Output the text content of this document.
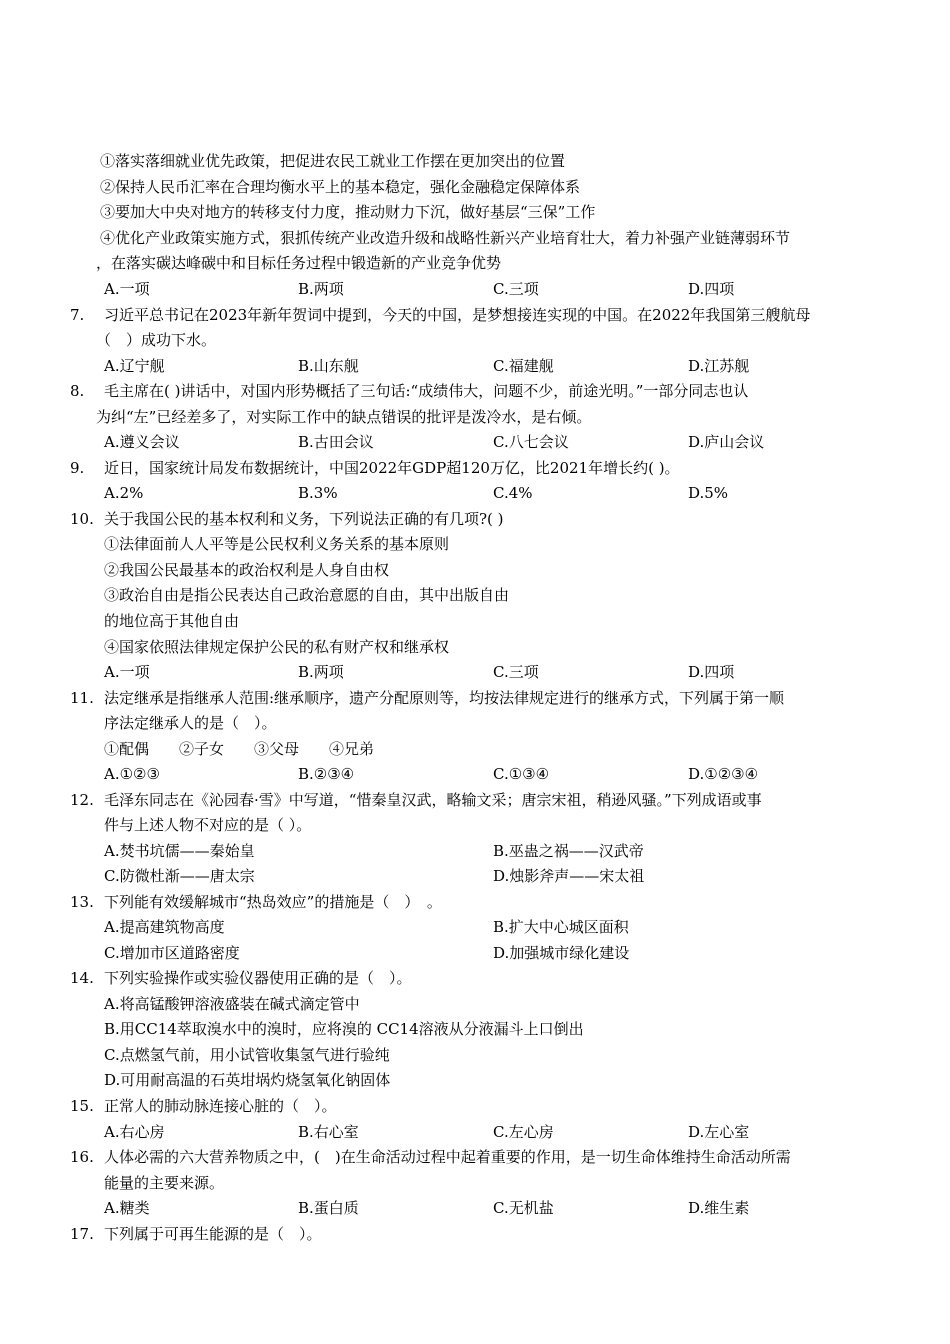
①落实落细就业优先政策，把促进农民工就业工作摆在更加突出的位置
②保持人民币汇率在合理均衡水平上的基本稳定，强化金融稳定保障体系
③要加大中央对地方的转移支付力度，推动财力下沉，做好基层“三保”工作
④优化产业政策实施方式，狠抓传统产业改造升级和战略性新兴产业培育壮大，着力补强产业链薄弱环节
，在落实碳达峰碳中和目标任务过程中锻造新的产业竞争优势
A.一项	B.两项	C.三项	D.四项
7. 习近平总书记在2023年新年贺词中提到，今天的中国，是梦想接连实现的中国。在2022年我国第三艘航母
（　）成功下水。
A.辽宁舰	B.山东舰	C.福建舰	D.江苏舰
8. 毛主席在( )讲话中，对国内形势概括了三句话:“成绩伟大，问题不少，前途光明。”一部分同志也认
为纠“左”已经差多了，对实际工作中的缺点错误的批评是泼冷水，是右倾。
A.遵义会议	B.古田会议	C.八七会议	D.庐山会议
9. 近日，国家统计局发布数据统计，中国2022年GDP超120万亿，比2021年增长约( )。
A.2%	B.3%	C.4%	D.5%
10. 关于我国公民的基本权利和义务，下列说法正确的有几项?( )
①法律面前人人平等是公民权利义务关系的基本原则
②我国公民最基本的政治权利是人身自由权
③政治自由是指公民表达自己政治意愿的自由，其中出版自由
的地位高于其他自由
④国家依照法律规定保护公民的私有财产权和继承权
A.一项	B.两项	C.三项	D.四项
11. 法定继承是指继承人范围:继承顺序，遗产分配原则等，均按法律规定进行的继承方式，下列属于第一顺
序法定继承人的是（　）。
①配偶　　②子女　　③父母　　④兄弟
A.①②③	B.②③④	C.①③④	D.①②③④
12. 毛泽东同志在《沁园春·雪》中写道，“惜秦皇汉武，略输文采；唐宗宋祖，稍逊风骚。”下列成语或事
件与上述人物不对应的是（ ）。
A.焚书坑儒——秦始皇	B.巫蛊之祸——汉武帝
C.防微杜渐——唐太宗	D.烛影斧声——宋太祖
13. 下列能有效缓解城市“热岛效应”的措施是（　）　。
A.提高建筑物高度	B.扩大中心城区面积
C.增加市区道路密度	D.加强城市绿化建设
14. 下列实验操作或实验仪器使用正确的是（　）。
A.将高锰酸钾溶液盛装在碱式滴定管中
B.用CC14萃取溴水中的溴时，应将溴的 CC14溶液从分液漏斗上口倒出
C.点燃氢气前，用小试管收集氢气进行验纯
D.可用耐高温的石英坩埚灼烧氢氧化钠固体
15. 正常人的肺动脉连接心脏的（　）。
A.右心房	B.右心室	C.左心房	D.左心室
16. 人体必需的六大营养物质之中，(　)在生命活动过程中起着重要的作用，是一切生命体维持生命活动所需
能量的主要来源。
A.糖类	B.蛋白质	C.无机盐	D.维生素
17. 下列属于可再生能源的是（　）。
